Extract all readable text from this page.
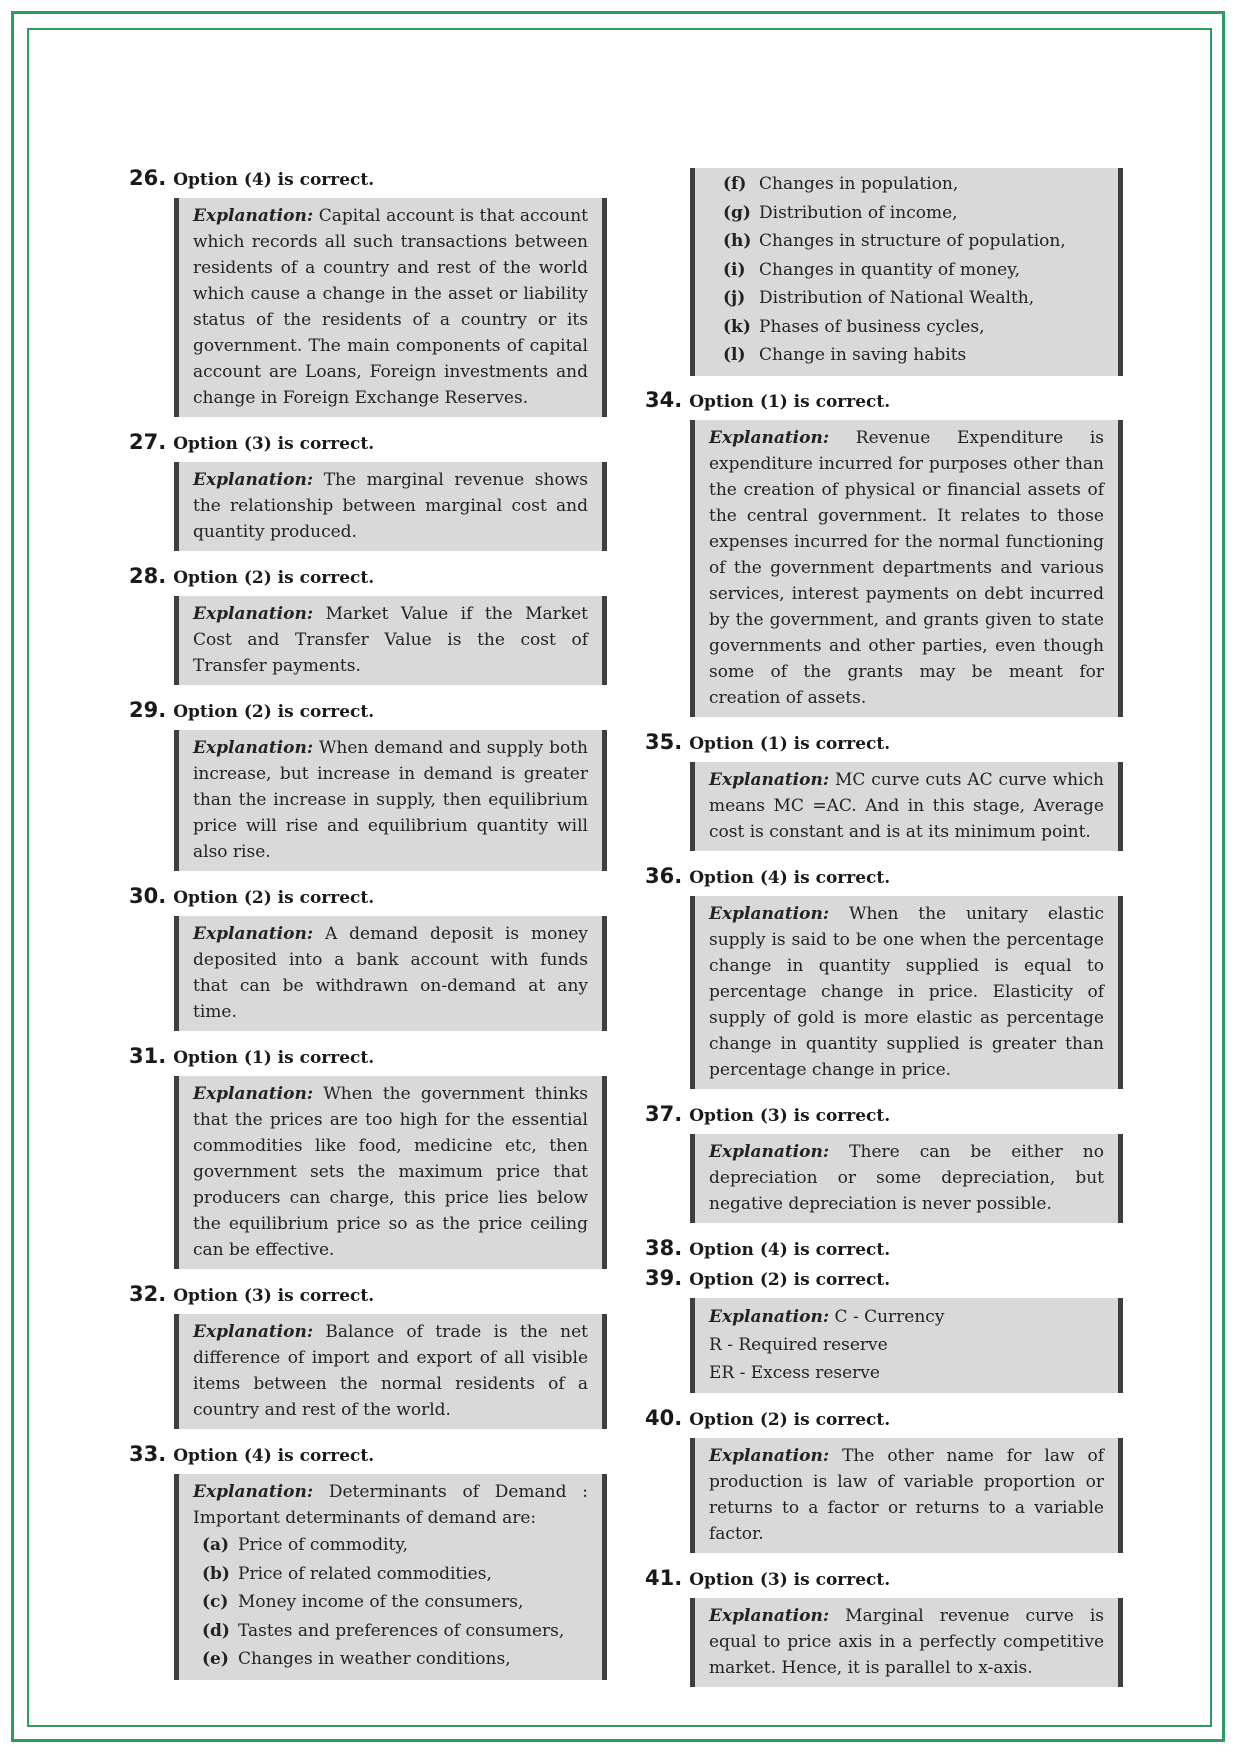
26. Option (4) is correct.

Explanation: Capital account is that account which records all such transactions between residents of a country and rest of the world which cause a change in the asset or liability status of the residents of a country or its government. The main components of capital account are Loans, Foreign investments and change in Foreign Exchange Reserves.

27. Option (3) is correct.

Explanation: The marginal revenue shows the relationship between marginal cost and quantity produced.

28. Option (2) is correct.

Explanation: Market Value if the Market Cost and Transfer Value is the cost of Transfer payments.

29. Option (2) is correct.

Explanation: When demand and supply both increase, but increase in demand is greater than the increase in supply, then equilibrium price will rise and equilibrium quantity will also rise.

30. Option (2) is correct.

Explanation: A demand deposit is money deposited into a bank account with funds that can be withdrawn on-demand at any time.

31. Option (1) is correct.

Explanation: When the government thinks that the prices are too high for the essential commodities like food, medicine etc, then government sets the maximum price that producers can charge, this price lies below the equilibrium price so as the price ceiling can be effective.

32. Option (3) is correct.

Explanation: Balance of trade is the net difference of import and export of all visible items between the normal residents of a country and rest of the world.

33. Option (4) is correct.

Explanation: Determinants of Demand : Important determinants of demand are:

(a) Price of commodity,
(b) Price of related commodities,
(c) Money income of the consumers,
(d) Tastes and preferences of consumers,
(e) Changes in weather conditions,
(f) Changes in population,
(g) Distribution of income,
(h) Changes in structure of population,
(i) Changes in quantity of money,
(j) Distribution of National Wealth,
(k) Phases of business cycles,
(l) Change in saving habits
34. Option (1) is correct.

Explanation: Revenue Expenditure is expenditure incurred for purposes other than the creation of physical or financial assets of the central government. It relates to those expenses incurred for the normal functioning of the government departments and various services, interest payments on debt incurred by the government, and grants given to state governments and other parties, even though some of the grants may be meant for creation of assets.

35. Option (1) is correct.

Explanation: MC curve cuts AC curve which means MC =AC. And in this stage, Average cost is constant and is at its minimum point.

36. Option (4) is correct.

Explanation: When the unitary elastic supply is said to be one when the percentage change in quantity supplied is equal to percentage change in price. Elasticity of supply of gold is more elastic as percentage change in quantity supplied is greater than percentage change in price.

37. Option (3) is correct.

Explanation: There can be either no depreciation or some depreciation, but negative depreciation is never possible.

38. Option (4) is correct.
39. Option (2) is correct.

Explanation: C - Currency

R - Required reserve

ER - Excess reserve

40. Option (2) is correct.

Explanation: The other name for law of production is law of variable proportion or returns to a factor or returns to a variable factor.

41. Option (3) is correct.

Explanation: Marginal revenue curve is equal to price axis in a perfectly competitive market. Hence, it is parallel to x-axis.
